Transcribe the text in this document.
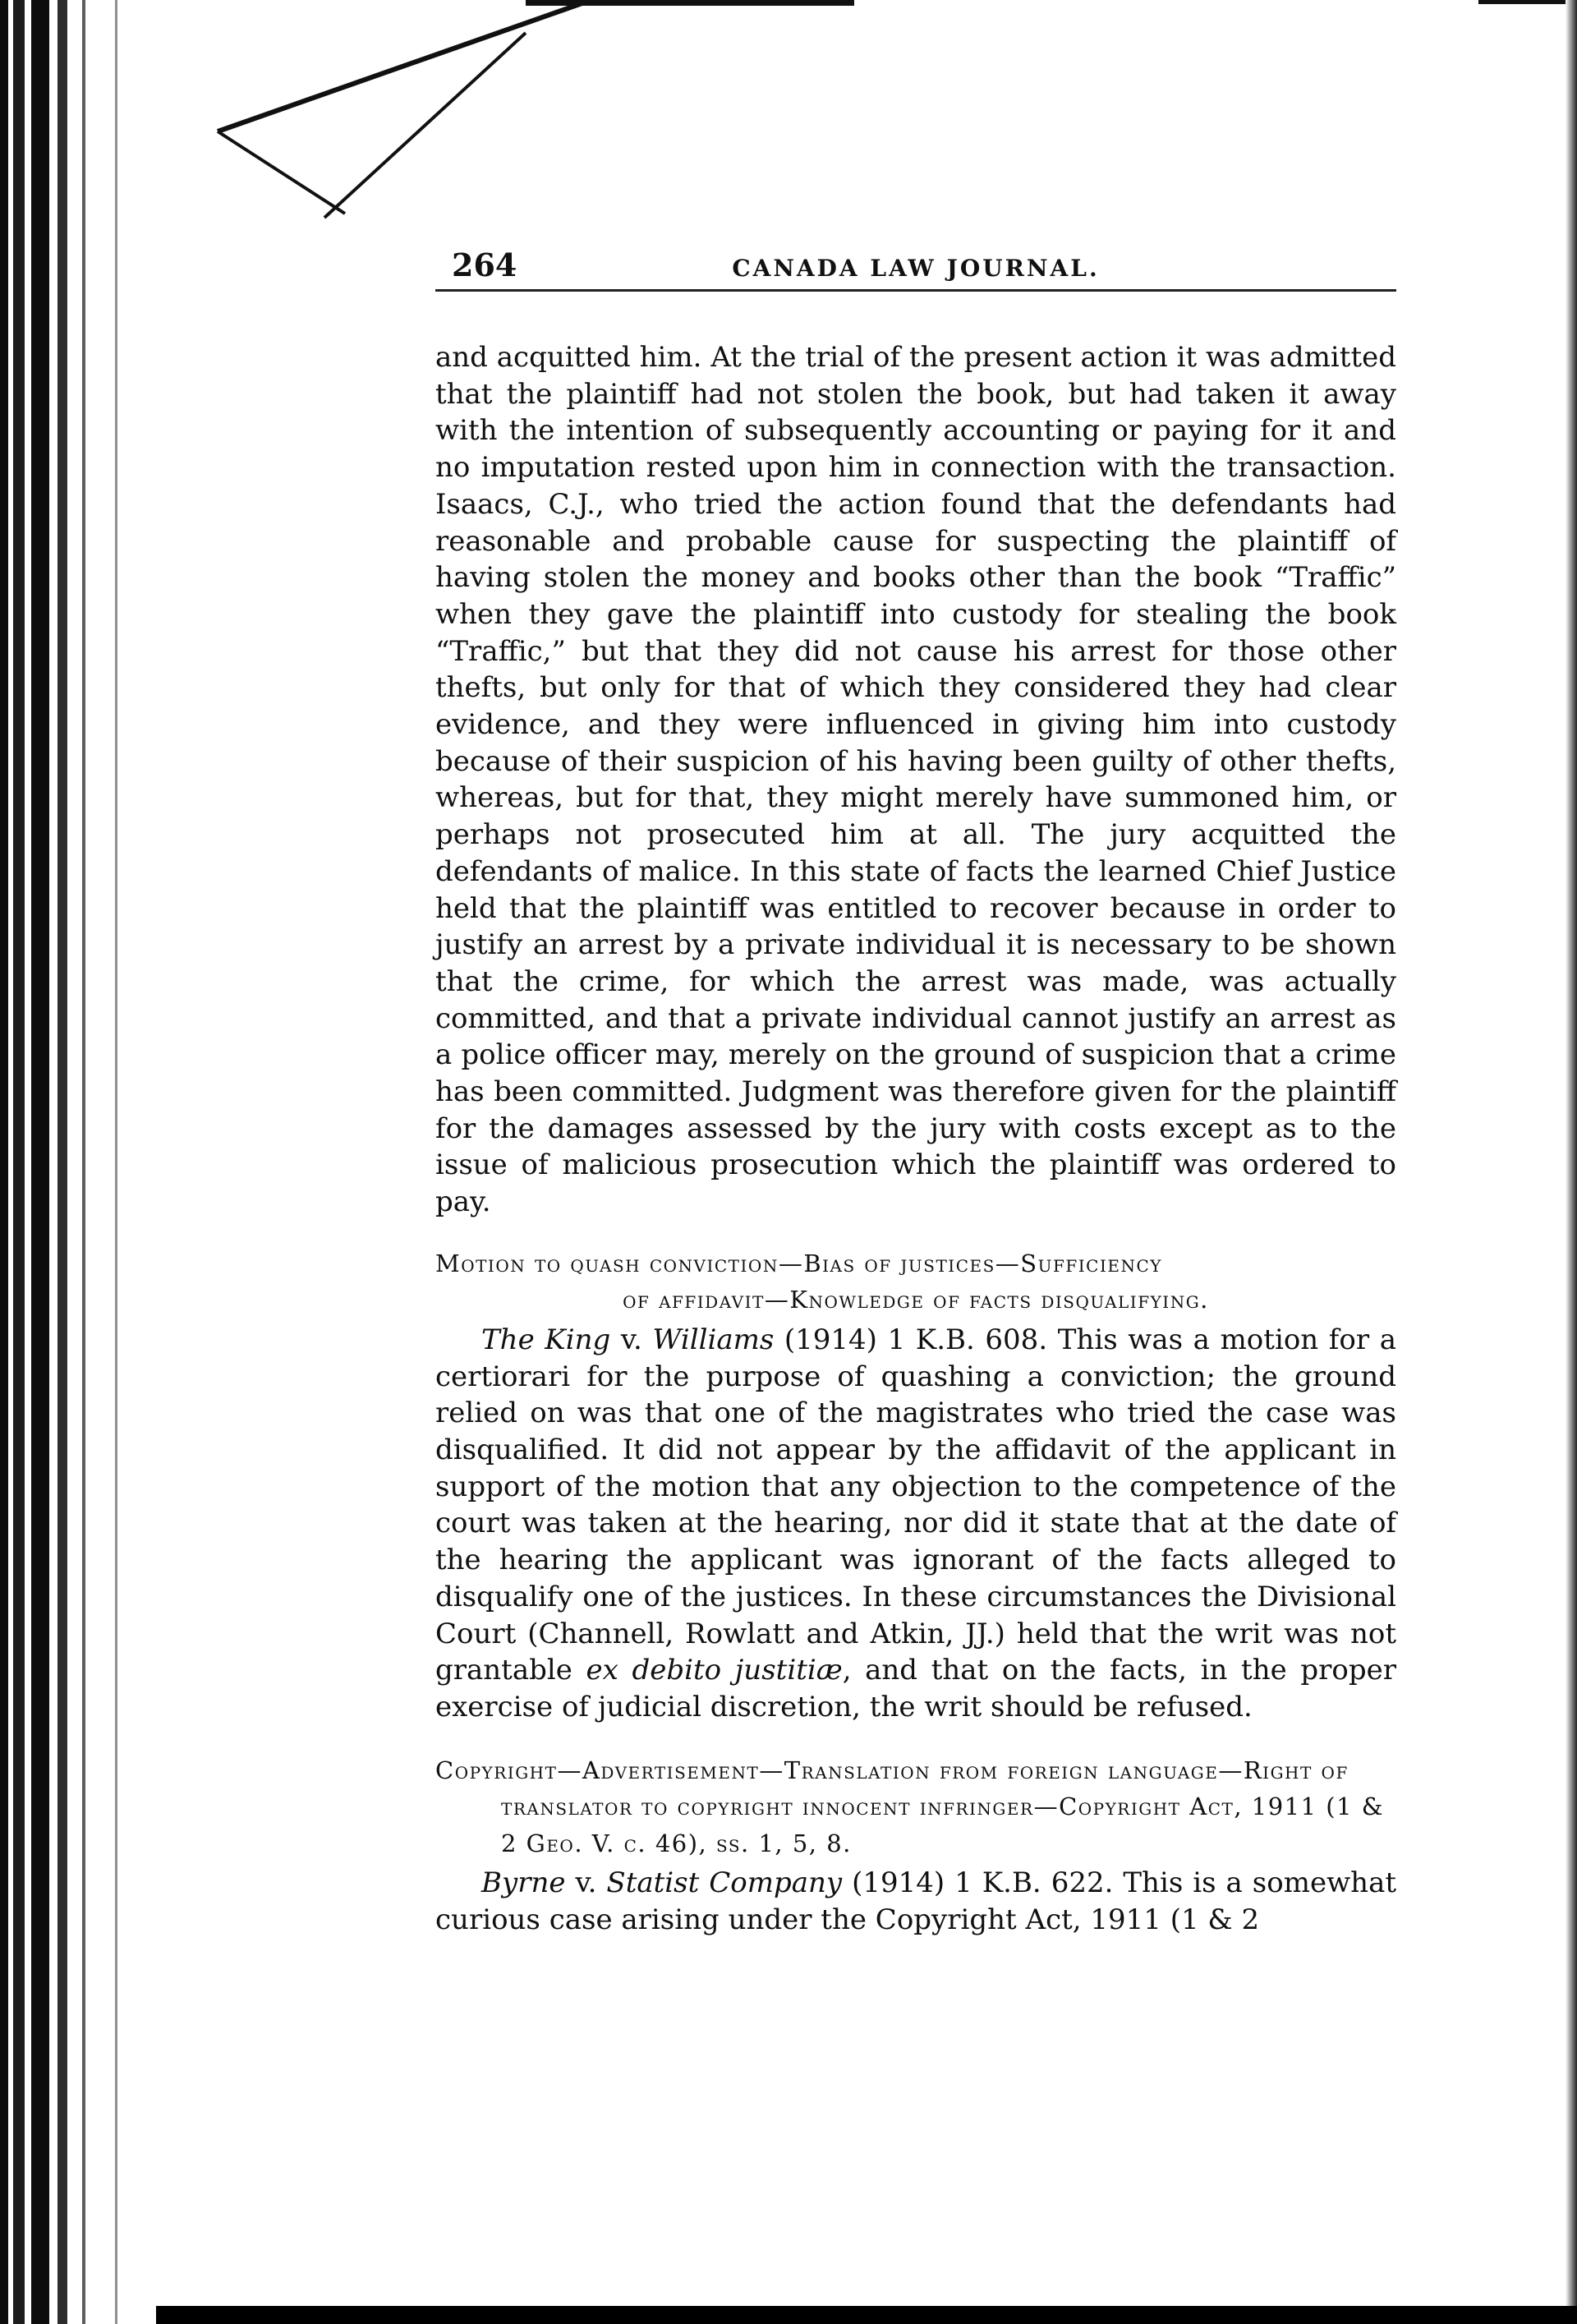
264	CANADA LAW JOURNAL.

and acquitted him. At the trial of the present action it was admitted that the plaintiff had not stolen the book, but had taken it away with the intention of subsequently accounting or paying for it and no imputation rested upon him in connection with the transaction. Isaacs, C.J., who tried the action found that the defendants had reasonable and probable cause for suspecting the plaintiff of having stolen the money and books other than the book “Traffic” when they gave the plaintiff into custody for stealing the book “Traffic,” but that they did not cause his arrest for those other thefts, but only for that of which they considered they had clear evidence, and they were influenced in giving him into custody because of their suspicion of his having been guilty of other thefts, whereas, but for that, they might merely have summoned him, or perhaps not prosecuted him at all. The jury acquitted the defendants of malice. In this state of facts the learned Chief Justice held that the plaintiff was entitled to recover because in order to justify an arrest by a private individual it is necessary to be shown that the crime, for which the arrest was made, was actually committed, and that a private individual cannot justify an arrest as a police officer may, merely on the ground of suspicion that a crime has been committed. Judgment was therefore given for the plaintiff for the damages assessed by the jury with costs except as to the issue of malicious prosecution which the plaintiff was ordered to pay.

Motion to quash conviction—Bias of justices—Sufficiency
of affidavit—Knowledge of facts disqualifying.

The King v. Williams (1914) 1 K.B. 608. This was a motion for a certiorari for the purpose of quashing a conviction; the ground relied on was that one of the magistrates who tried the case was disqualified. It did not appear by the affidavit of the applicant in support of the motion that any objection to the competence of the court was taken at the hearing, nor did it state that at the date of the hearing the applicant was ignorant of the facts alleged to disqualify one of the justices. In these circumstances the Divisional Court (Channell, Rowlatt and Atkin, JJ.) held that the writ was not grantable ex debito justitiæ, and that on the facts, in the proper exercise of judicial discretion, the writ should be refused.

Copyright—Advertisement—Translation from foreign language—Right of translator to copyright innocent infringer—Copyright Act, 1911 (1 & 2 Geo. V. c. 46), ss. 1, 5, 8.

Byrne v. Statist Company (1914) 1 K.B. 622. This is a somewhat curious case arising under the Copyright Act, 1911 (1 & 2
